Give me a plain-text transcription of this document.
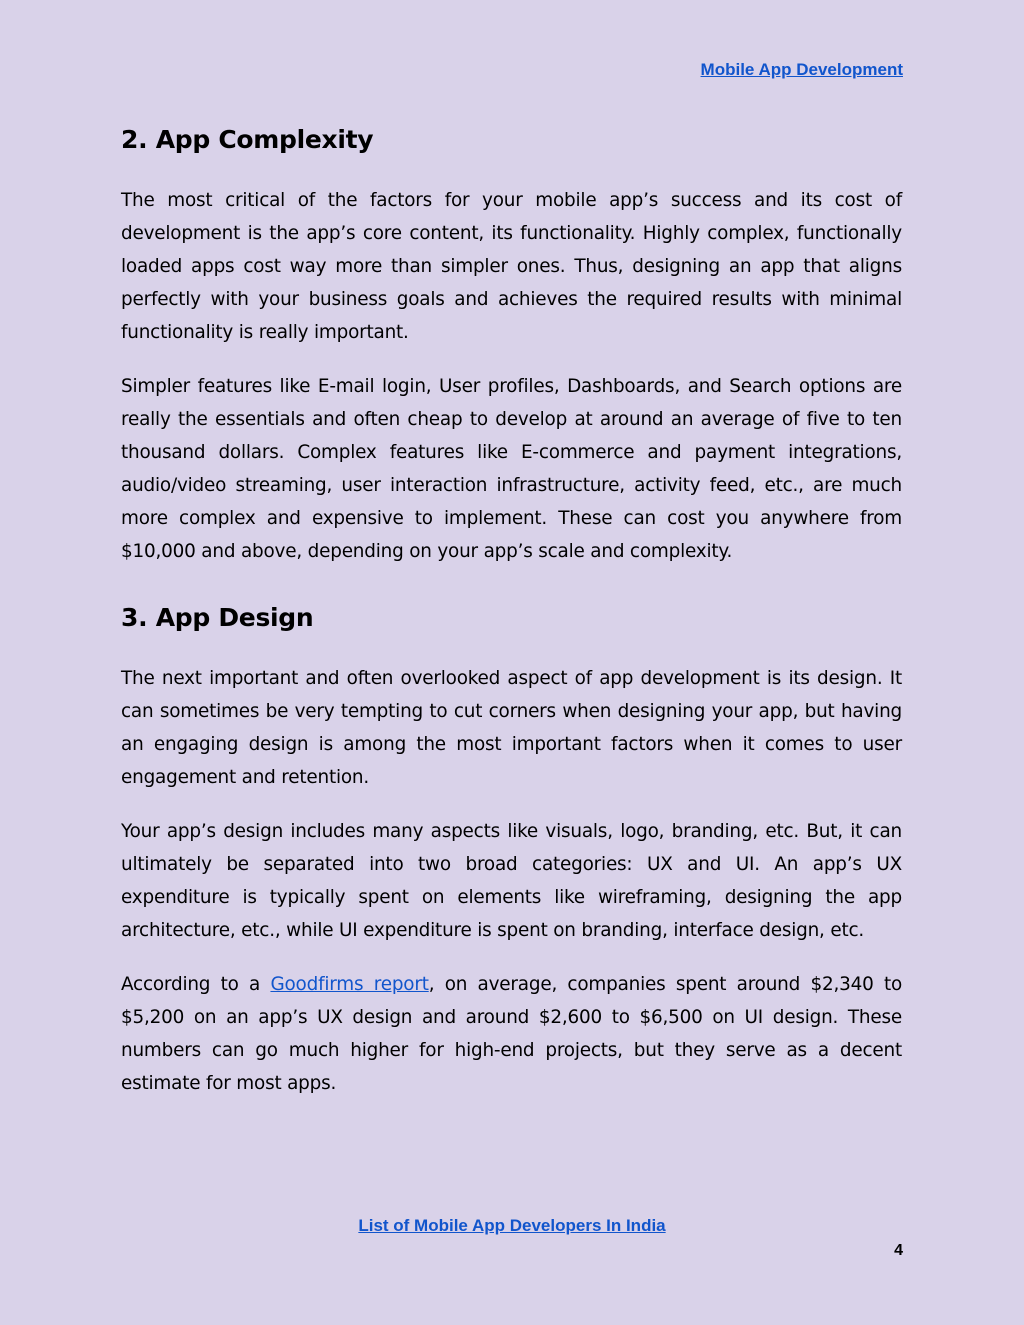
Mobile App Development
2. App Complexity

The most critical of the factors for your mobile app’s success and its cost of development is the app’s core content, its functionality. Highly complex, functionally loaded apps cost way more than simpler ones. Thus, designing an app that aligns perfectly with your business goals and achieves the required results with minimal functionality is really important.

Simpler features like E-mail login, User profiles, Dashboards, and Search options are really the essentials and often cheap to develop at around an average of five to ten thousand dollars. Complex features like E-commerce and payment integrations, audio/video streaming, user interaction infrastructure, activity feed, etc., are much more complex and expensive to implement. These can cost you anywhere from $10,000 and above, depending on your app’s scale and complexity.

3. App Design

The next important and often overlooked aspect of app development is its design. It can sometimes be very tempting to cut corners when designing your app, but having an engaging design is among the most important factors when it comes to user engagement and retention.

Your app’s design includes many aspects like visuals, logo, branding, etc. But, it can ultimately be separated into two broad categories: UX and UI. An app’s UX expenditure is typically spent on elements like wireframing, designing the app architecture, etc., while UI expenditure is spent on branding, interface design, etc.

According to a Goodfirms report, on average, companies spent around $2,340 to $5,200 on an app’s UX design and around $2,600 to $6,500 on UI design. These numbers can go much higher for high-end projects, but they serve as a decent estimate for most apps.

List of Mobile App Developers In India
4
